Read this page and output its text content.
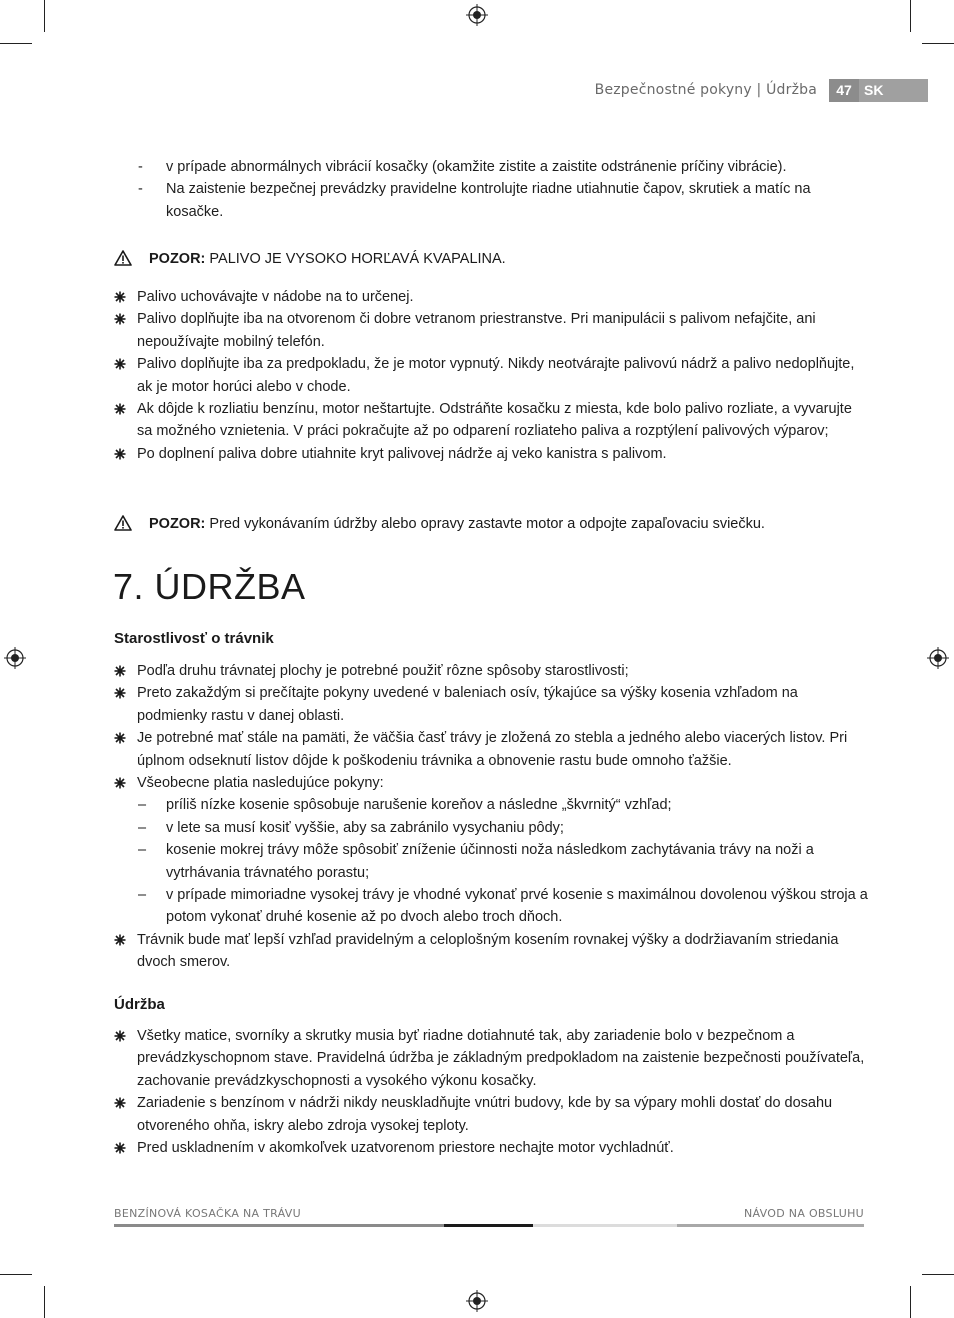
Bezpečnostné pokyny | Údržba	47 SK
- v prípade abnormálnych vibrácií kosačky (okamžite zistite a zaistite odstránenie príčiny vibrácie).
- Na zaistenie bezpečnej prevádzky pravidelne kontrolujte riadne utiahnutie čapov, skrutiek a matíc na kosačke.
POZOR: PALIVO JE VYSOKO HORĽAVÁ KVAPALINA.
Palivo uchovávajte v nádobe na to určenej.
Palivo doplňujte iba na otvorenom či dobre vetranom priestranstve. Pri manipulácii s palivom nefajčite, ani nepoužívajte mobilný telefón.
Palivo doplňujte iba za predpokladu, že je motor vypnutý. Nikdy neotvárajte palivovú nádrž a palivo nedoplňujte, ak je motor horúci alebo v chode.
Ak dôjde k rozliatiu benzínu, motor neštartujte. Odstráňte kosačku z miesta, kde bolo palivo rozliate, a vyvarujte sa možného vznietenia. V práci pokračujte až po odparení rozliateho paliva a rozptýlení palivových výparov;
Po doplnení paliva dobre utiahnite kryt palivovej nádrže aj veko kanistra s palivom.
POZOR: Pred vykonávaním údržby alebo opravy zastavte motor a odpojte zapaľovaciu sviečku.
7. ÚDRŽBA
Starostlivosť o trávnik
Podľa druhu trávnatej plochy je potrebné použiť rôzne spôsoby starostlivosti;
Preto zakaždým si prečítajte pokyny uvedené v baleniach osív, týkajúce sa výšky kosenia vzhľadom na podmienky rastu v danej oblasti.
Je potrebné mať stále na pamäti, že väčšia časť trávy je zložená zo stebla a jedného alebo viacerých listov. Pri úplnom odseknutí listov dôjde k poškodeniu trávnika a obnovenie rastu bude omnoho ťažšie.
Všeobecne platia nasledujúce pokyny:
– príliš nízke kosenie spôsobuje narušenie koreňov a následne „škvrnitý“ vzhľad;
– v lete sa musí kosiť vyššie, aby sa zabránilo vysychaniu pôdy;
– kosenie mokrej trávy môže spôsobiť zníženie účinnosti noža následkom zachytávania trávy na noži a vytrhávania trávnatého porastu;
– v prípade mimoriadne vysokej trávy je vhodné vykonať prvé kosenie s maximálnou dovolenou výškou stroja a potom vykonať druhé kosenie až po dvoch alebo troch dňoch.
Trávnik bude mať lepší vzhľad pravidelným a celoplošným kosením rovnakej výšky a dodržiavaním striedania dvoch smerov.
Údržba
Všetky matice, svorníky a skrutky musia byť riadne dotiahnuté tak, aby zariadenie bolo v bezpečnom a prevádzkyschopnom stave. Pravidelná údržba je základným predpokladom na zaistenie bezpečnosti používateľa, zachovanie prevádzkyschopnosti a vysokého výkonu kosačky.
Zariadenie s benzínom v nádrži nikdy neuskladňujte vnútri budovy, kde by sa výpary mohli dostať do dosahu otvoreného ohňa, iskry alebo zdroja vysokej teploty.
Pred uskladnením v akomkoľvek uzatvorenom priestore nechajte motor vychladnúť.
BENZÍNOVÁ KOSAČKA NA TRÁVU	NÁVOD NA OBSLUHU
